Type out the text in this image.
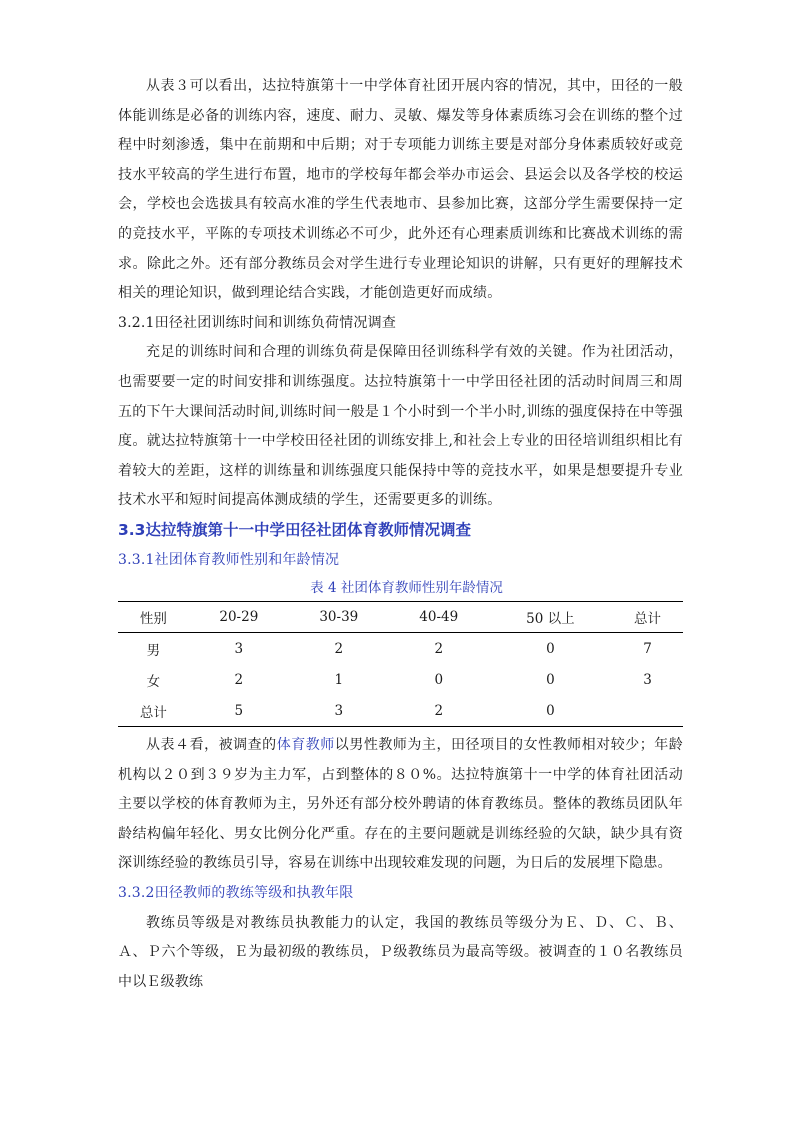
从表３可以看出，达拉特旗第十一中学体育社团开展内容的情况，其中，田径的一般体能训练是必备的训练内容，速度、耐力、灵敏、爆发等身体素质练习会在训练的整个过程中时刻渗透，集中在前期和中后期；对于专项能力训练主要是对部分身体素质较好或竞技水平较高的学生进行布置，地市的学校每年都会举办市运会、县运会以及各学校的校运会，学校也会选拔具有较高水准的学生代表地市、县参加比赛，这部分学生需要保持一定的竞技水平，平陈的专项技术训练必不可少，此外还有心理素质训练和比赛战术训练的需求。除此之外。还有部分教练员会对学生进行专业理论知识的讲解，只有更好的理解技术相关的理论知识，做到理论结合实践，才能创造更好而成绩。

3.2.1田径社团训练时间和训练负荷情况调查

充足的训练时间和合理的训练负荷是保障田径训练科学有效的关键。作为社团活动，也需要要一定的时间安排和训练强度。达拉特旗第十一中学田径社团的活动时间周三和周五的下午大课间活动时间,训练时间一般是１个小时到一个半小时,训练的强度保持在中等强度。就达拉特旗第十一中学校田径社团的训练安排上,和社会上专业的田径培训组织相比有着较大的差距，这样的训练量和训练强度只能保持中等的竞技水平，如果是想要提升专业技术水平和短时间提高体测成绩的学生，还需要更多的训练。

3.3达拉特旗第十一中学田径社团体育教师情况调查

3.3.1社团体育教师性别和年龄情况

表 4 社团体育教师性别年龄情况

性别	20-29	30-39	40-49	50 以上	总计
男	3	2	2	0	7
女	2	1	0	0	3
总计	5	3	2	0	

从表４看，被调查的体育教师以男性教师为主，田径项目的女性教师相对较少；年龄机构以２０到３９岁为主力军，占到整体的８０%。达拉特旗第十一中学的体育社团活动主要以学校的体育教师为主，另外还有部分校外聘请的体育教练员。整体的教练员团队年龄结构偏年轻化、男女比例分化严重。存在的主要问题就是训练经验的欠缺，缺少具有资深训练经验的教练员引导，容易在训练中出现较难发现的问题，为日后的发展埋下隐患。

3.3.2田径教师的教练等级和执教年限

教练员等级是对教练员执教能力的认定，我国的教练员等级分为Ｅ、Ｄ、Ｃ、Ｂ、Ａ、Ｐ六个等级，Ｅ为最初级的教练员，Ｐ级教练员为最高等级。被调查的１０名教练员中以Ｅ级教练
